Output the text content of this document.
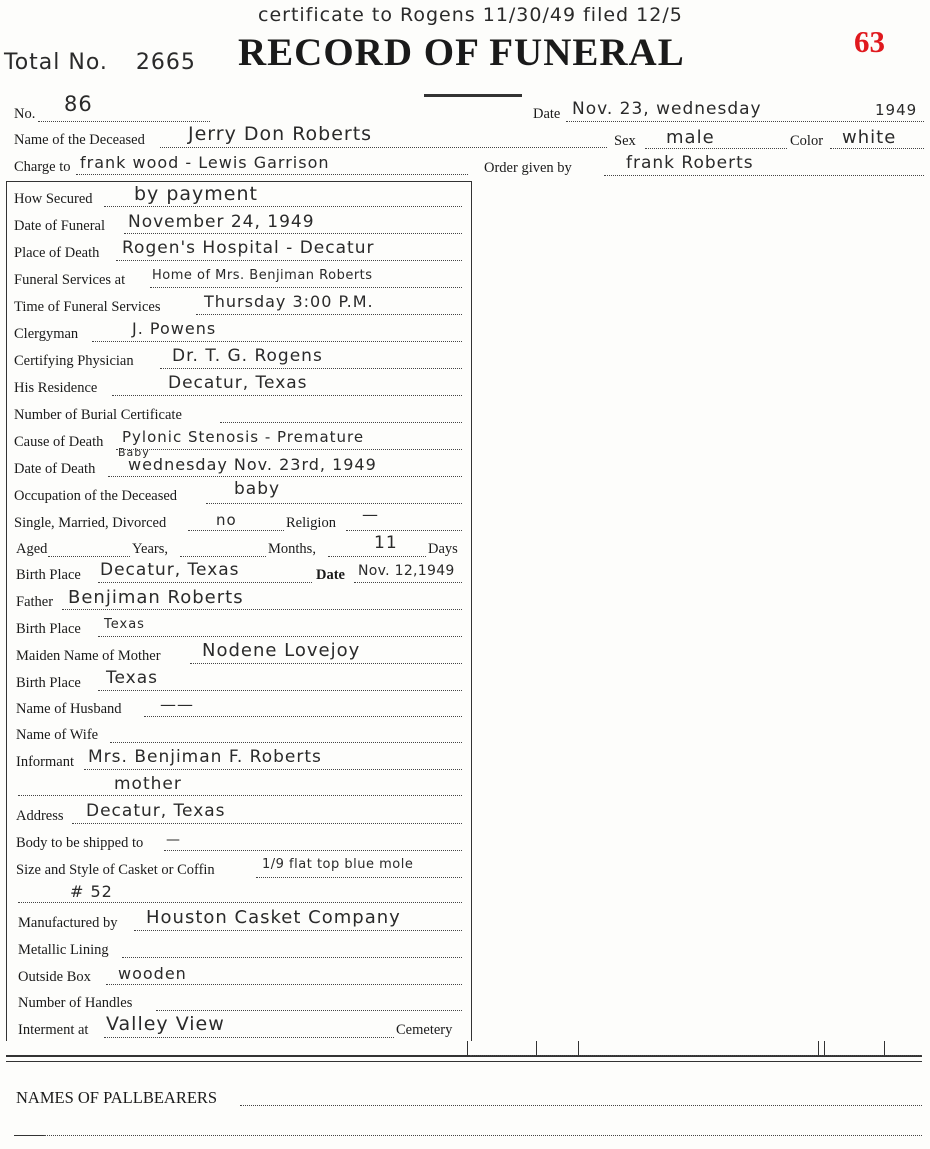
certificate to Rogens 11/30/49 filed 12/5
Total No. 2665 RECORD OF FUNERAL	63
No. 86	Date Nov. 23, wednesday	1949
Name of the Deceased Jerry Don Roberts	Sex male	Color white
Charge to frank wood - Lewis Garrison	Order given by	frank Roberts
How Secured by payment
Date of Funeral November 24, 1949
Place of Death Rogen's Hospital - Decatur
Funeral Services at Home of Mrs. Benjiman Roberts
Time of Funeral Services	Thursday 3:00 P.M.
Clergyman	J. Powens
Certifying Physician Dr. T. G. Rogens
His Residence	Decatur, Texas
Number of Burial Certificate
Cause of Death Pylonic Stenosis - Premature
Baby
Date of Death wednesday Nov. 23rd, 1949
Occupation of the Deceased	baby
Single, Married, Divorced	no	Religion —
Aged	Years,	Months,	11 Days
Birth Place Decatur, Texas	Date Nov. 12,1949
Father Benjiman Roberts
Birth Place Texas
Maiden Name of Mother Nodene Lovejoy
Birth Place Texas
Name of Husband ——
Name of Wife
Informant Mrs. Benjiman F. Roberts
mother
Address Decatur, Texas
Body to be shipped to —
Size and Style of Casket or Coffin	1/9 flat top blue mole
# 52
Manufactured by Houston Casket Company
Metallic Lining
Outside Box wooden
Number of Handles
Interment at Valley View	Cemetery
NAMES OF PALLBEARERS
